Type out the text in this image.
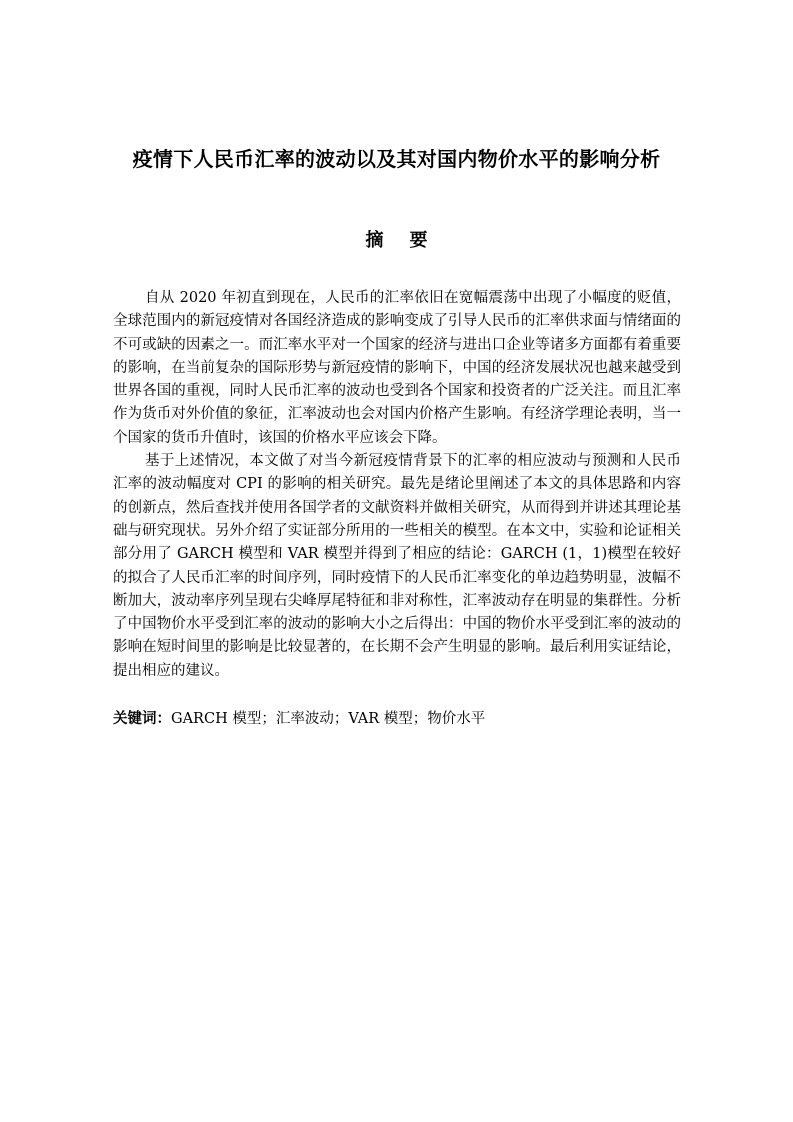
疫情下人民币汇率的波动以及其对国内物价水平的影响分析
摘 要

自从 2020 年初直到现在，人民币的汇率依旧在宽幅震荡中出现了小幅度的贬值，全球范围内的新冠疫情对各国经济造成的影响变成了引导人民币的汇率供求面与情绪面的不可或缺的因素之一。而汇率水平对一个国家的经济与进出口企业等诸多方面都有着重要的影响，在当前复杂的国际形势与新冠疫情的影响下，中国的经济发展状况也越来越受到世界各国的重视，同时人民币汇率的波动也受到各个国家和投资者的广泛关注。而且汇率作为货币对外价值的象征，汇率波动也会对国内价格产生影响。有经济学理论表明，当一个国家的货币升值时，该国的价格水平应该会下降。

基于上述情况，本文做了对当今新冠疫情背景下的汇率的相应波动与预测和人民币汇率的波动幅度对 CPI 的影响的相关研究。最先是绪论里阐述了本文的具体思路和内容的创新点，然后查找并使用各国学者的文献资料并做相关研究，从而得到并讲述其理论基础与研究现状。另外介绍了实证部分所用的一些相关的模型。在本文中，实验和论证相关部分用了 GARCH 模型和 VAR 模型并得到了相应的结论：GARCH (1，1)模型在较好的拟合了人民币汇率的时间序列，同时疫情下的人民币汇率变化的单边趋势明显，波幅不断加大，波动率序列呈现右尖峰厚尾特征和非对称性，汇率波动存在明显的集群性。分析了中国物价水平受到汇率的波动的影响大小之后得出：中国的物价水平受到汇率的波动的影响在短时间里的影响是比较显著的，在长期不会产生明显的影响。最后利用实证结论，提出相应的建议。

关键词：GARCH 模型；汇率波动；VAR 模型；物价水平
